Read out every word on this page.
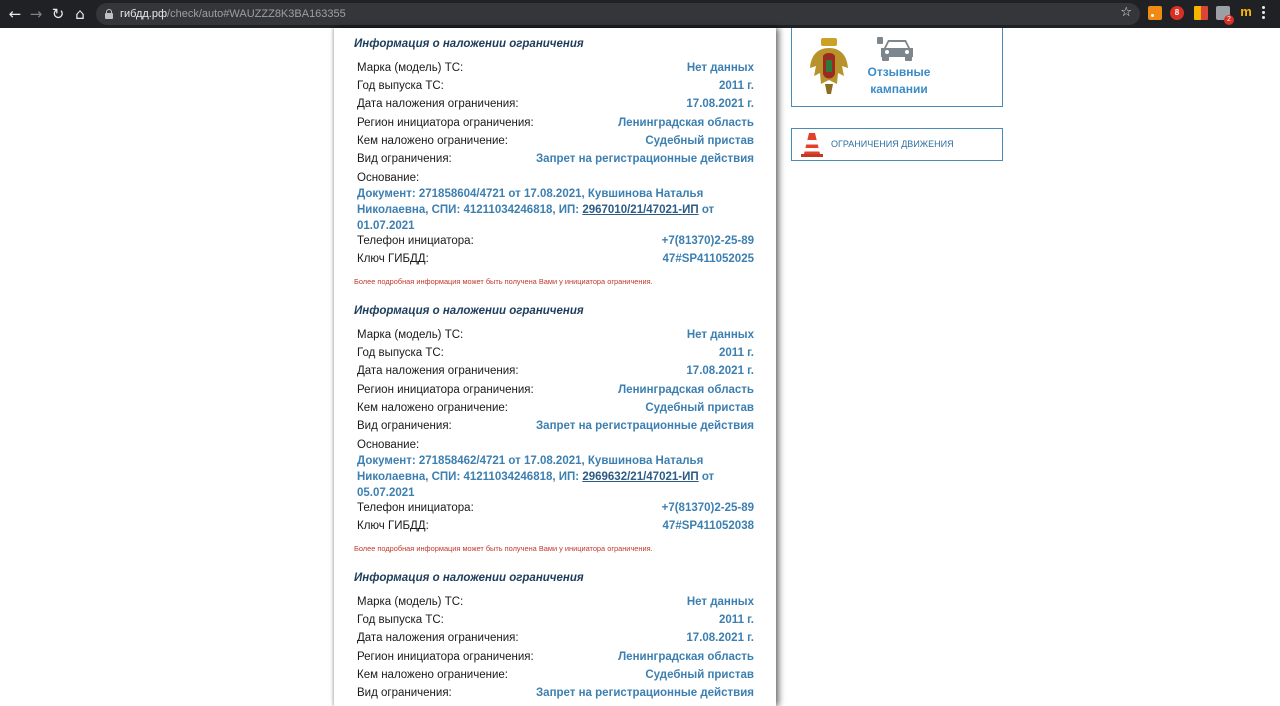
← → ↻ ⌂	гибдд.рф/check/auto#WAUZZZ8K3BA163355	☆	8
2
m
Информация о наложении ограничения
Марка (модель) ТС:	Нет данных
Год выпуска ТС:	2011 г.
Дата наложения ограничения:	17.08.2021 г.
Регион инициатора ограничения:	Ленинградская область
Кем наложено ограничение:	Судебный пристав
Вид ограничения:	Запрет на регистрационные действия
Основание:
Документ: 271858604/4721 от 17.08.2021, Кувшинова Наталья Николаевна, СПИ: 41211034246818, ИП: 2967010/21/47021-ИП от 01.07.2021
Телефон инициатора:	+7(81370)2-25-89
Ключ ГИБДД:	47#SP411052025
Более подробная информация может быть получена Вами у инициатора ограничения.
Информация о наложении ограничения
Марка (модель) ТС:	Нет данных
Год выпуска ТС:	2011 г.
Дата наложения ограничения:	17.08.2021 г.
Регион инициатора ограничения:	Ленинградская область
Кем наложено ограничение:	Судебный пристав
Вид ограничения:	Запрет на регистрационные действия
Основание:
Документ: 271858462/4721 от 17.08.2021, Кувшинова Наталья Николаевна, СПИ: 41211034246818, ИП: 2969632/21/47021-ИП от 05.07.2021
Телефон инициатора:	+7(81370)2-25-89
Ключ ГИБДД:	47#SP411052038
Более подробная информация может быть получена Вами у инициатора ограничения.
Информация о наложении ограничения
Марка (модель) ТС:	Нет данных
Год выпуска ТС:	2011 г.
Дата наложения ограничения:	17.08.2021 г.
Регион инициатора ограничения:	Ленинградская область
Кем наложено ограничение:	Судебный пристав
Вид ограничения:	Запрет на регистрационные действия
Отзывные
кампании
ОГРАНИЧЕНИЯ ДВИЖЕНИЯ
